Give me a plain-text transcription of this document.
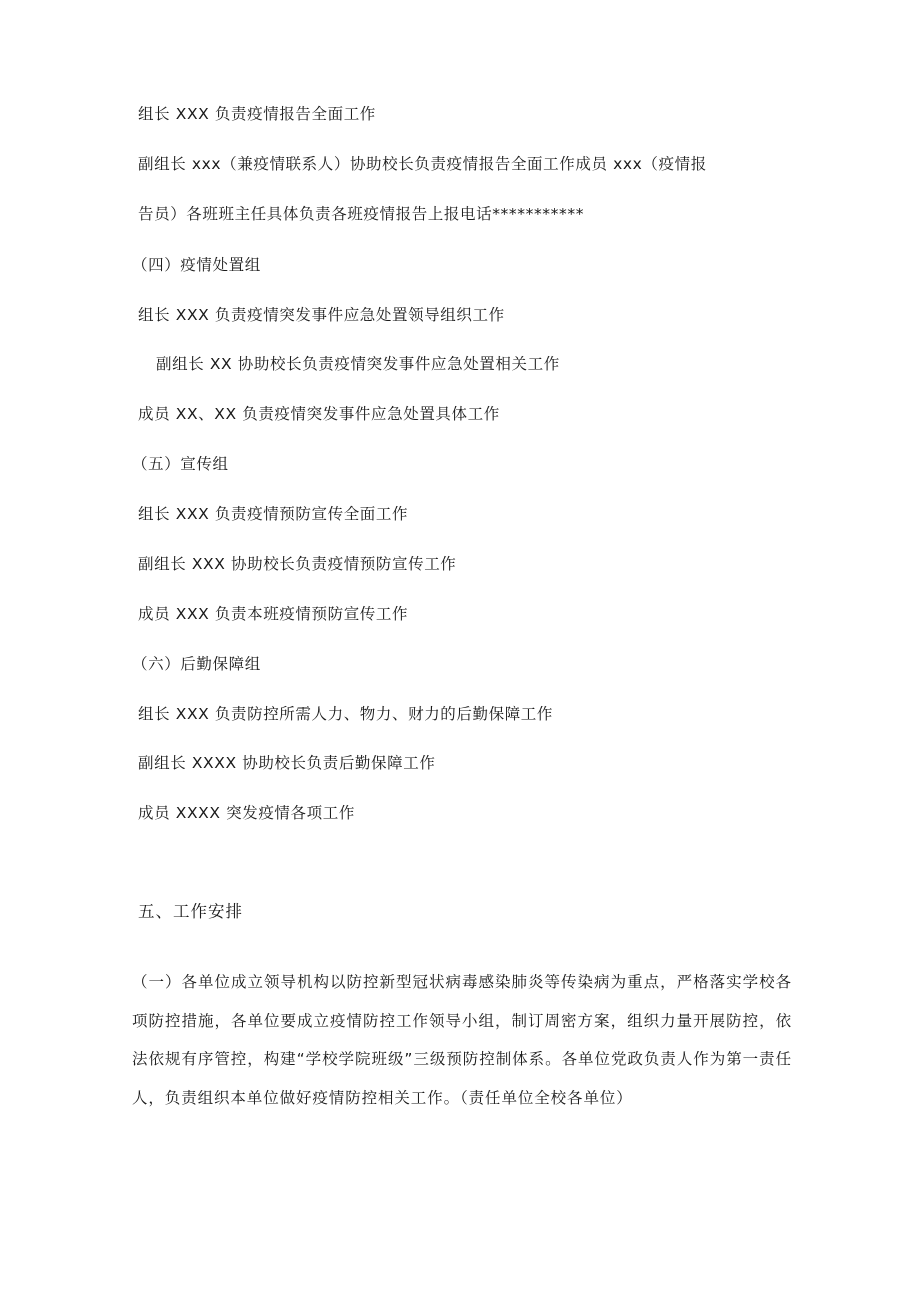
组长 XXX 负责疫情报告全面工作
副组长 xxx（兼疫情联系人）协助校长负责疫情报告全面工作成员 xxx（疫情报
告员）各班班主任具体负责各班疫情报告上报电话***********
（四）疫情处置组
组长 XXX 负责疫情突发事件应急处置领导组织工作
副组长 XX 协助校长负责疫情突发事件应急处置相关工作
成员 XX、XX 负责疫情突发事件应急处置具体工作
（五）宣传组
组长 XXX 负责疫情预防宣传全面工作
副组长 XXX 协助校长负责疫情预防宣传工作
成员 XXX 负责本班疫情预防宣传工作
（六）后勤保障组
组长 XXX 负责防控所需人力、物力、财力的后勤保障工作
副组长 XXXX 协助校长负责后勤保障工作
成员 XXXX 突发疫情各项工作
五、工作安排
（一）各单位成立领导机构以防控新型冠状病毒感染肺炎等传染病为重点，严格落实学校各项防控措施，各单位要成立疫情防控工作领导小组，制订周密方案，组织力量开展防控，依法依规有序管控，构建“学校学院班级”三级预防控制体系。各单位党政负责人作为第一责任人，负责组织本单位做好疫情防控相关工作。（责任单位全校各单位）
